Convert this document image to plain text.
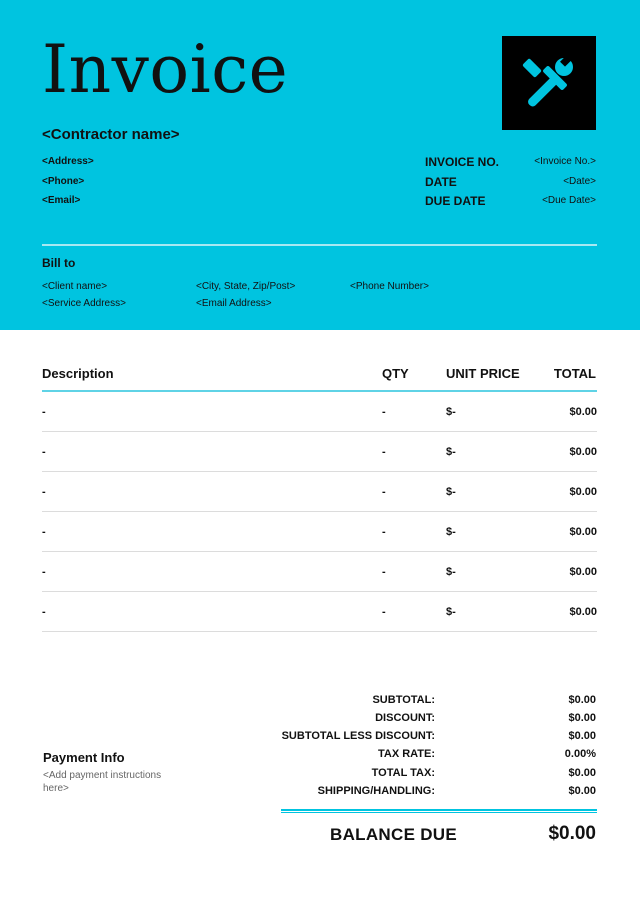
Invoice
<Contractor name>
<Address>
<Phone>
<Email>
INVOICE NO.	<Invoice No.>
DATE	<Date>
DUE DATE	<Due Date>
Bill to
<Client name>	<City, State, Zip/Post>	<Phone Number>
<Service Address>	<Email Address>
Description	QTY	UNIT PRICE	TOTAL
-	-	$-	$0.00
-	-	$-	$0.00
-	-	$-	$0.00
-	-	$-	$0.00
-	-	$-	$0.00
-	-	$-	$0.00
Payment Info
<Add payment instructions here>
SUBTOTAL:	$0.00
DISCOUNT:	$0.00
SUBTOTAL LESS DISCOUNT:	$0.00
TAX RATE:	0.00%
TOTAL TAX:	$0.00
SHIPPING/HANDLING:	$0.00
BALANCE DUE	$0.00
